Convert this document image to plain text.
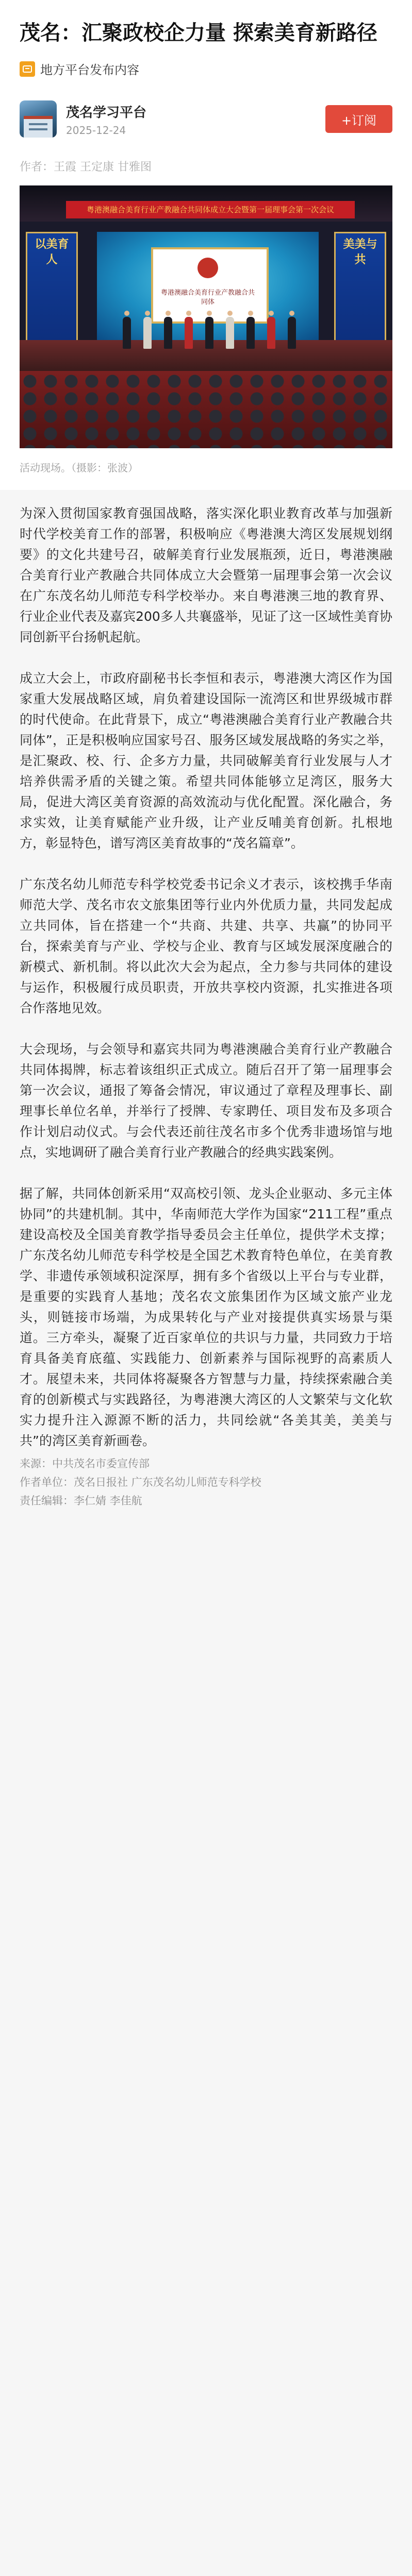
茂名：汇聚政校企力量 探索美育新路径
地方平台发布内容
茂名学习平台
2025-12-24
+订阅
作者：王霞 王定康 甘雅图
粤港澳融合美育行业产教融合共同体成立大会暨第一届理事会第一次会议
粤港澳融合美育行业产教融合共同体
以美育人
美美与共
活动现场。（摄影：张波）

为深入贯彻国家教育强国战略，落实深化职业教育改革与加强新时代学校美育工作的部署，积极响应《粤港澳大湾区发展规划纲要》的文化共建号召，破解美育行业发展瓶颈，近日，粤港澳融合美育行业产教融合共同体成立大会暨第一届理事会第一次会议在广东茂名幼儿师范专科学校举办。来自粤港澳三地的教育界、行业企业代表及嘉宾200多人共襄盛举，见证了这一区域性美育协同创新平台扬帆起航。

成立大会上，市政府副秘书长李恒和表示，粤港澳大湾区作为国家重大发展战略区域，肩负着建设国际一流湾区和世界级城市群的时代使命。在此背景下，成立“粤港澳融合美育行业产教融合共同体”，正是积极响应国家号召、服务区域发展战略的务实之举，是汇聚政、校、行、企多方力量，共同破解美育行业发展与人才培养供需矛盾的关键之策。希望共同体能够立足湾区，服务大局，促进大湾区美育资源的高效流动与优化配置。深化融合，务求实效，让美育赋能产业升级，让产业反哺美育创新。扎根地方，彰显特色，谱写湾区美育故事的“茂名篇章”。

广东茂名幼儿师范专科学校党委书记余义才表示，该校携手华南师范大学、茂名市农文旅集团等行业内外优质力量，共同发起成立共同体，旨在搭建一个“共商、共建、共享、共赢”的协同平台，探索美育与产业、学校与企业、教育与区域发展深度融合的新模式、新机制。将以此次大会为起点，全力参与共同体的建设与运作，积极履行成员职责，开放共享校内资源，扎实推进各项合作落地见效。

大会现场，与会领导和嘉宾共同为粤港澳融合美育行业产教融合共同体揭牌，标志着该组织正式成立。随后召开了第一届理事会第一次会议，通报了筹备会情况，审议通过了章程及理事长、副理事长单位名单，并举行了授牌、专家聘任、项目发布及多项合作计划启动仪式。与会代表还前往茂名市多个优秀非遗场馆与地点，实地调研了融合美育行业产教融合的经典实践案例。

据了解，共同体创新采用“双高校引领、龙头企业驱动、多元主体协同”的共建机制。其中，华南师范大学作为国家“211工程”重点建设高校及全国美育教学指导委员会主任单位，提供学术支撑；广东茂名幼儿师范专科学校是全国艺术教育特色单位，在美育教学、非遗传承领域积淀深厚，拥有多个省级以上平台与专业群，是重要的实践育人基地；茂名农文旅集团作为区域文旅产业龙头，则链接市场端，为成果转化与产业对接提供真实场景与渠道。三方牵头，凝聚了近百家单位的共识与力量，共同致力于培育具备美育底蕴、实践能力、创新素养与国际视野的高素质人才。展望未来，共同体将凝聚各方智慧与力量，持续探索融合美育的创新模式与实践路径，为粤港澳大湾区的人文繁荣与文化软实力提升注入源源不断的活力，共同绘就“各美其美，美美与共”的湾区美育新画卷。

来源：中共茂名市委宣传部
作者单位：茂名日报社 广东茂名幼儿师范专科学校
责任编辑：李仁婧 李佳航
